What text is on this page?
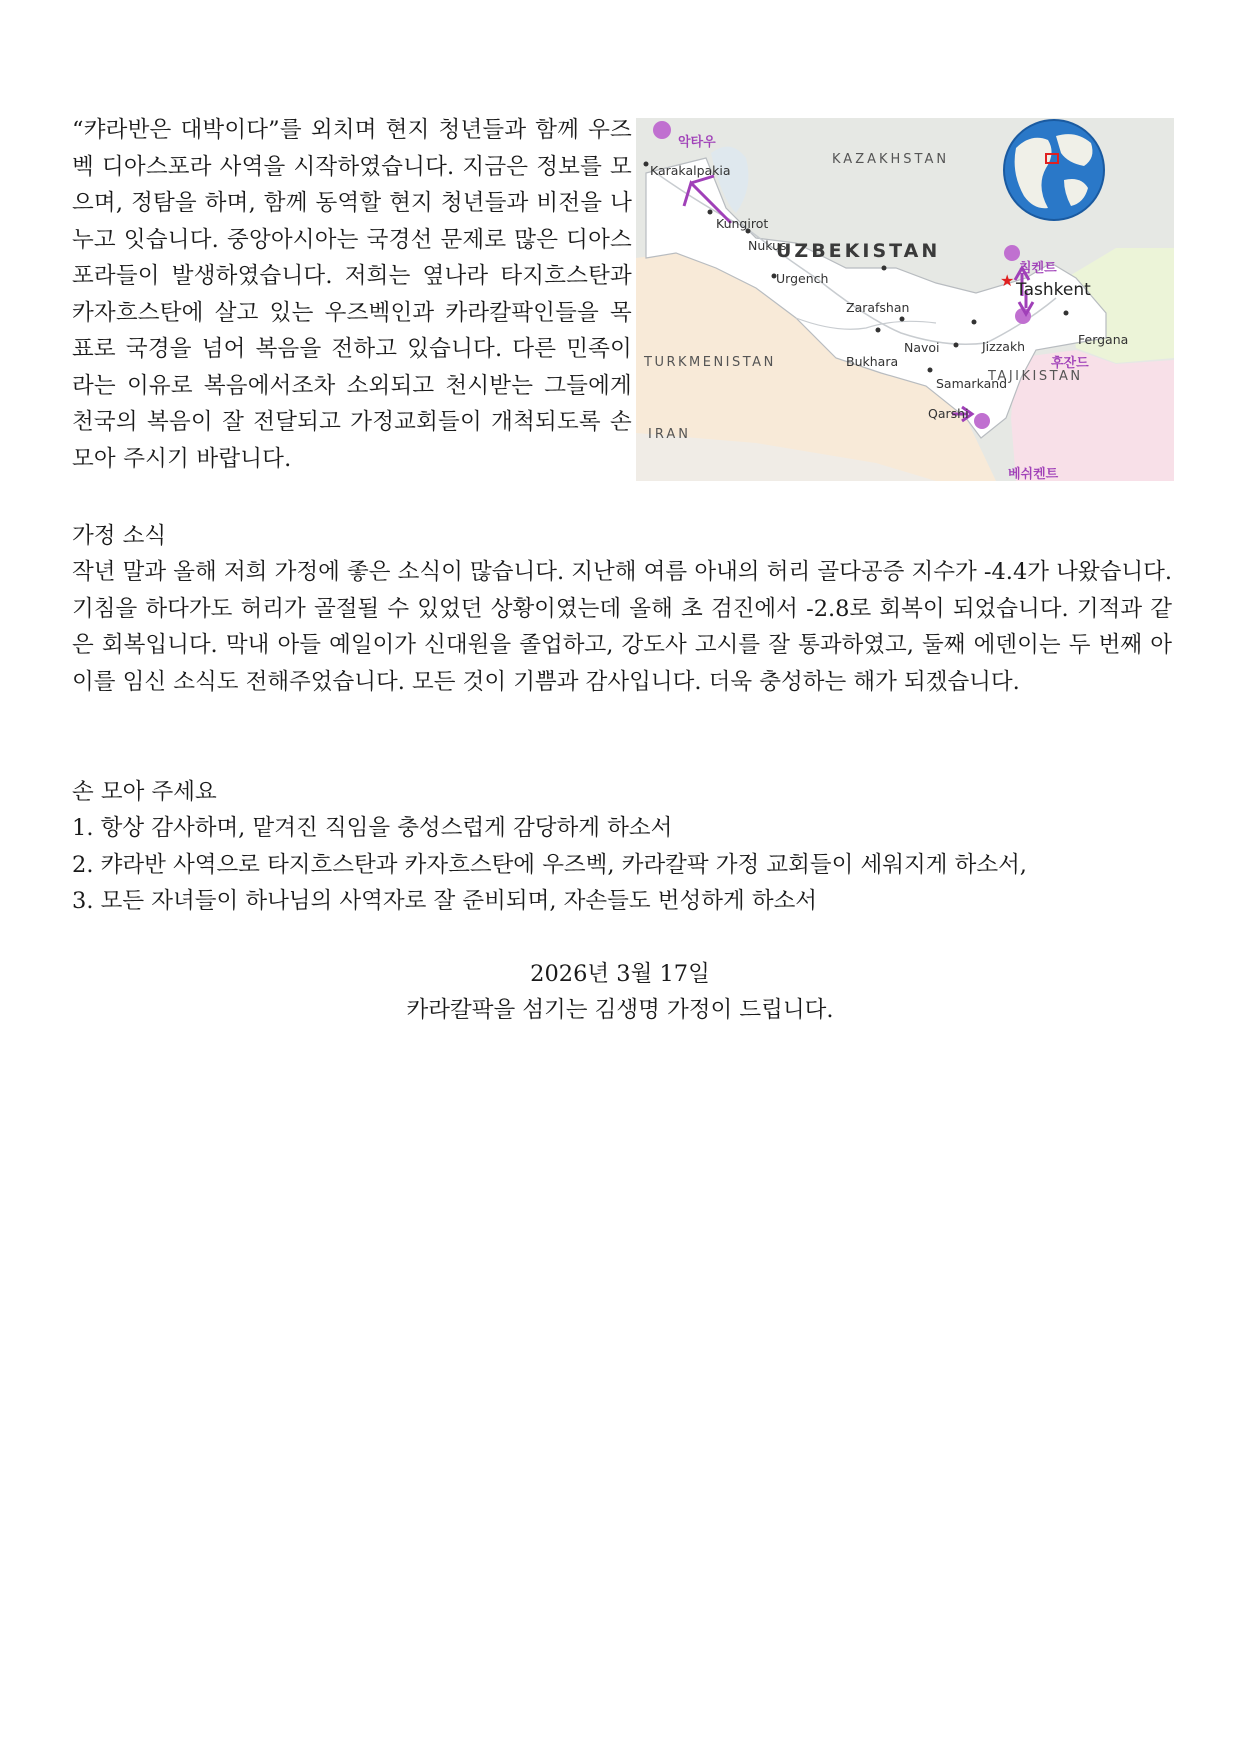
“캬라반은 대박이다”를 외치며 현지 청년들과 함께 우즈벡 디아스포라 사역을 시작하였습니다. 지금은 정보를 모으며, 정탐을 하며, 함께 동역할 현지 청년들과 비전을 나누고 잇습니다. 중앙아시아는 국경선 문제로 많은 디아스포라들이 발생하였습니다. 저희는 옆나라 타지흐스탄과 카자흐스탄에 살고 있는 우즈벡인과 카라칼팍인들을 목표로 국경을 넘어 복음을 전하고 있습니다. 다른 민족이라는 이유로 복음에서조차 소외되고 천시받는 그들에게 천국의 복음이 잘 전달되고 가정교회들이 개척되도록 손 모아 주시기 바랍니다.

★
KAZAKHSTAN
UZBEKISTAN
TURKMENISTAN
TAJIKISTAN
IRAN
Karakalpakia
Kungirot
Nukus
Urgench
Zarafshan
Navoi
Bukhara
Jizzakh
Samarkand
Qarshi
Tashkent
Fergana
악타우
침켄트
후잔드
베쉬켄트
가정 소식

작년 말과 올해 저희 가정에 좋은 소식이 많습니다. 지난해 여름 아내의 허리 골다공증 지수가 -4.4가 나왔습니다. 기침을 하다가도 허리가 골절될 수 있었던 상황이였는데 올해 초 검진에서 -2.8로 회복이 되었습니다. 기적과 같은 회복입니다. 막내 아들 예일이가 신대원을 졸업하고, 강도사 고시를 잘 통과하였고, 둘째 에덴이는 두 번째 아이를 임신 소식도 전해주었습니다. 모든 것이 기쁨과 감사입니다. 더욱 충성하는 해가 되겠습니다.

손 모아 주세요
1. 항상 감사하며, 맡겨진 직임을 충성스럽게 감당하게 하소서
2. 캬라반 사역으로 타지흐스탄과 카자흐스탄에 우즈벡, 카라칼팍 가정 교회들이 세워지게 하소서,
3. 모든 자녀들이 하나님의 사역자로 잘 준비되며, 자손들도 번성하게 하소서
2026년 3월 17일
카라칼팍을 섬기는 김생명 가정이 드립니다.
